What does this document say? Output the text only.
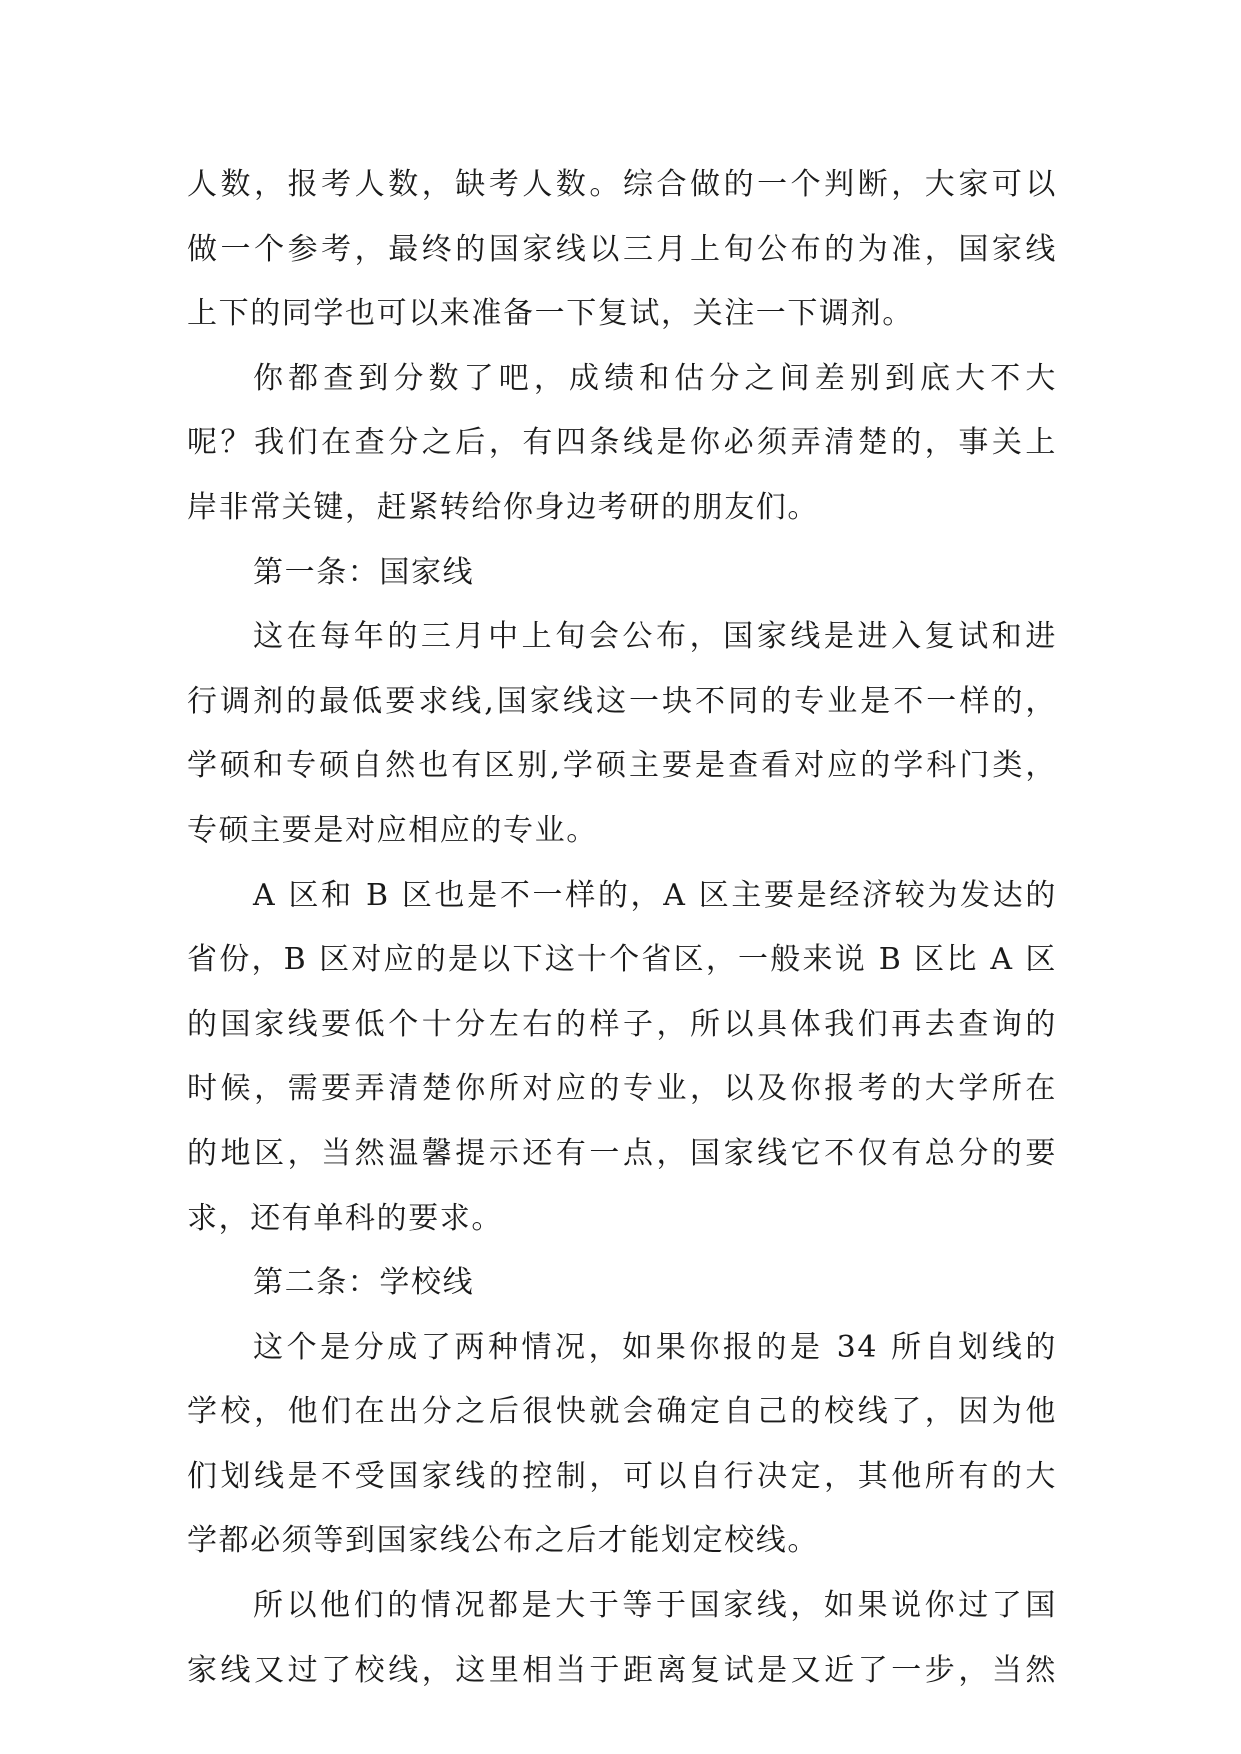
人数，报考人数，缺考人数。综合做的一个判断，大家可以
做一个参考，最终的国家线以三月上旬公布的为准，国家线
上下的同学也可以来准备一下复试，关注一下调剂。
你都查到分数了吧，成绩和估分之间差别到底大不大
呢？我们在查分之后，有四条线是你必须弄清楚的，事关上
岸非常关键，赶紧转给你身边考研的朋友们。
第一条：国家线
这在每年的三月中上旬会公布，国家线是进入复试和进
行调剂的最低要求线,国家线这一块不同的专业是不一样的，
学硕和专硕自然也有区别,学硕主要是查看对应的学科门类，
专硕主要是对应相应的专业。
A 区和 B 区也是不一样的，A 区主要是经济较为发达的
省份，B 区对应的是以下这十个省区，一般来说 B 区比 A 区
的国家线要低个十分左右的样子，所以具体我们再去查询的
时候，需要弄清楚你所对应的专业，以及你报考的大学所在
的地区，当然温馨提示还有一点，国家线它不仅有总分的要
求，还有单科的要求。
第二条：学校线
这个是分成了两种情况，如果你报的是 34 所自划线的
学校，他们在出分之后很快就会确定自己的校线了，因为他
们划线是不受国家线的控制，可以自行决定，其他所有的大
学都必须等到国家线公布之后才能划定校线。
所以他们的情况都是大于等于国家线，如果说你过了国
家线又过了校线，这里相当于距离复试是又近了一步，当然
